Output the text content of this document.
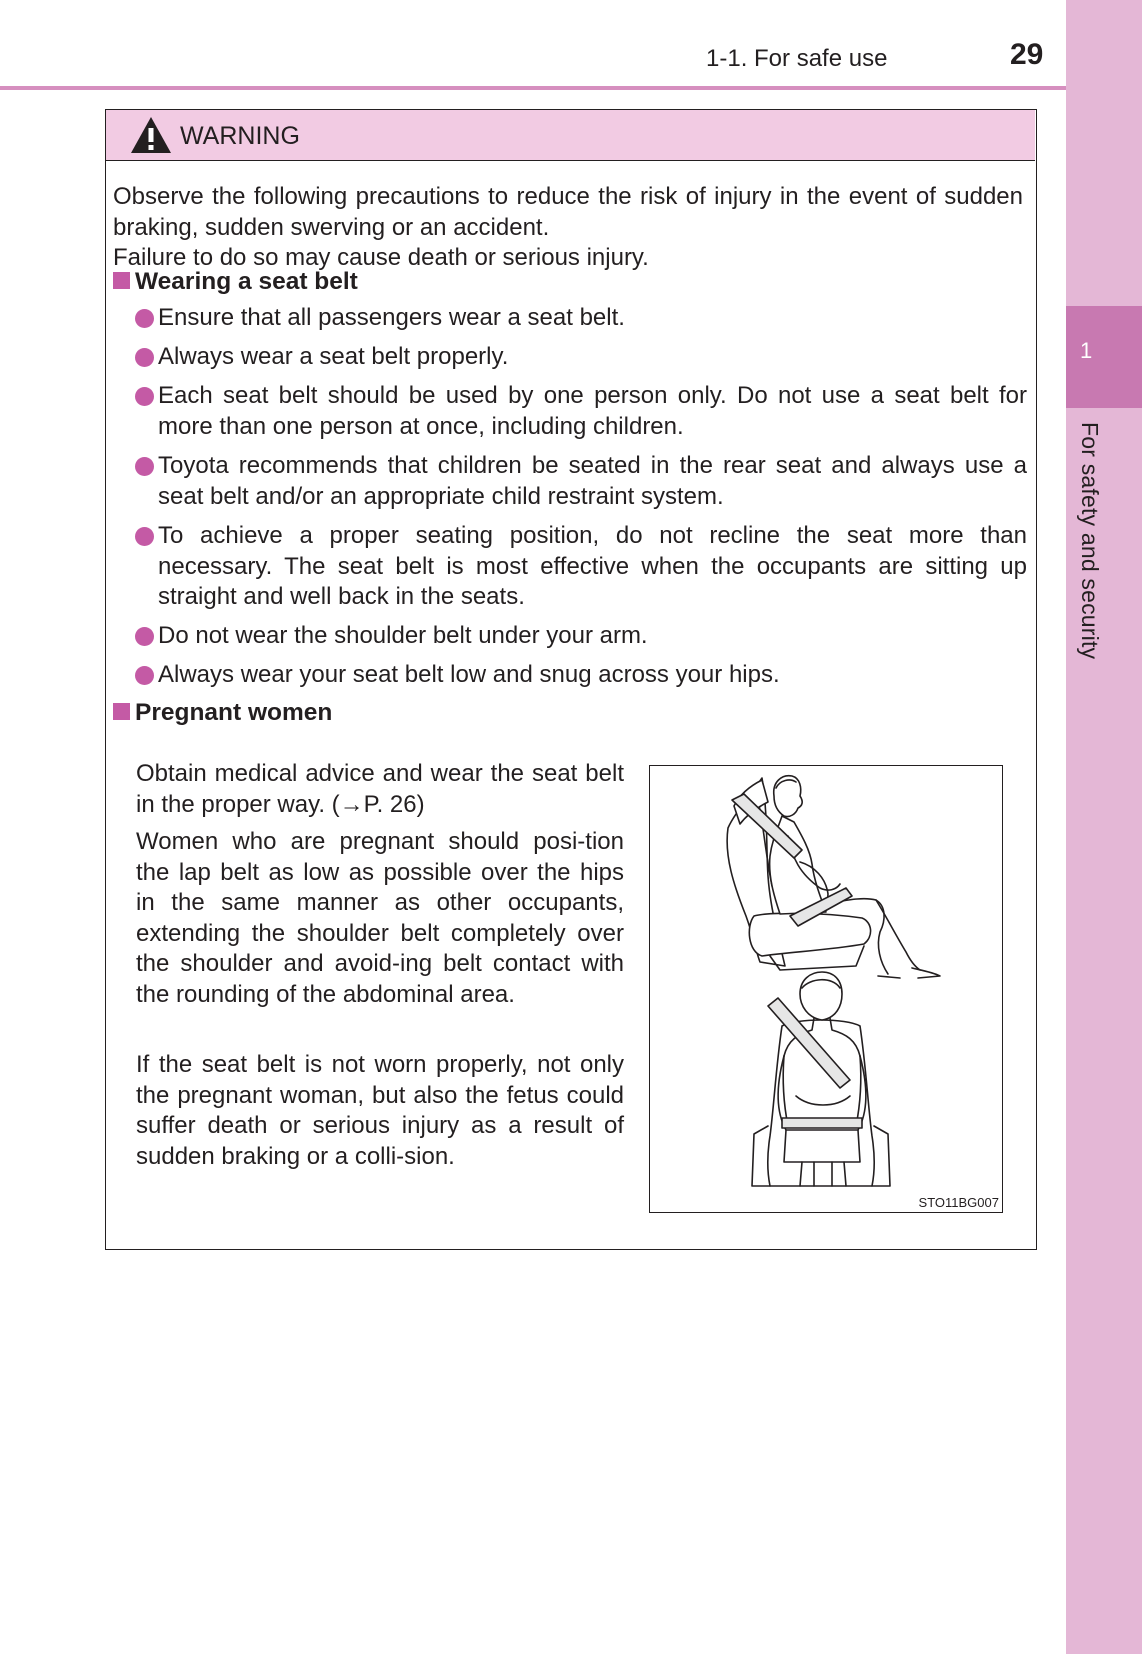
1
For safety and security
1-1. For safe use	29
WARNING
Observe the following precautions to reduce the risk of injury in the event of sudden braking, sudden swerving or an accident.
Failure to do so may cause death or serious injury.
Wearing a seat belt
Ensure that all passengers wear a seat belt.
Always wear a seat belt properly.
Each seat belt should be used by one person only. Do not use a seat belt for more than one person at once, including children.
Toyota recommends that children be seated in the rear seat and always use a seat belt and/or an appropriate child restraint system.
To achieve a proper seating position, do not recline the seat more than necessary. The seat belt is most effective when the occupants are sitting up straight and well back in the seats.
Do not wear the shoulder belt under your arm.
Always wear your seat belt low and snug across your hips.
Pregnant women
Obtain medical advice and wear the seat belt in the proper way. (→P. 26)
Women who are pregnant should posi-tion the lap belt as low as possible over the hips in the same manner as other occupants, extending the shoulder belt completely over the shoulder and avoid-ing belt contact with the rounding of the abdominal area.
If the seat belt is not worn properly, not only the pregnant woman, but also the fetus could suffer death or serious injury as a result of sudden braking or a colli-sion.
STO11BG007
